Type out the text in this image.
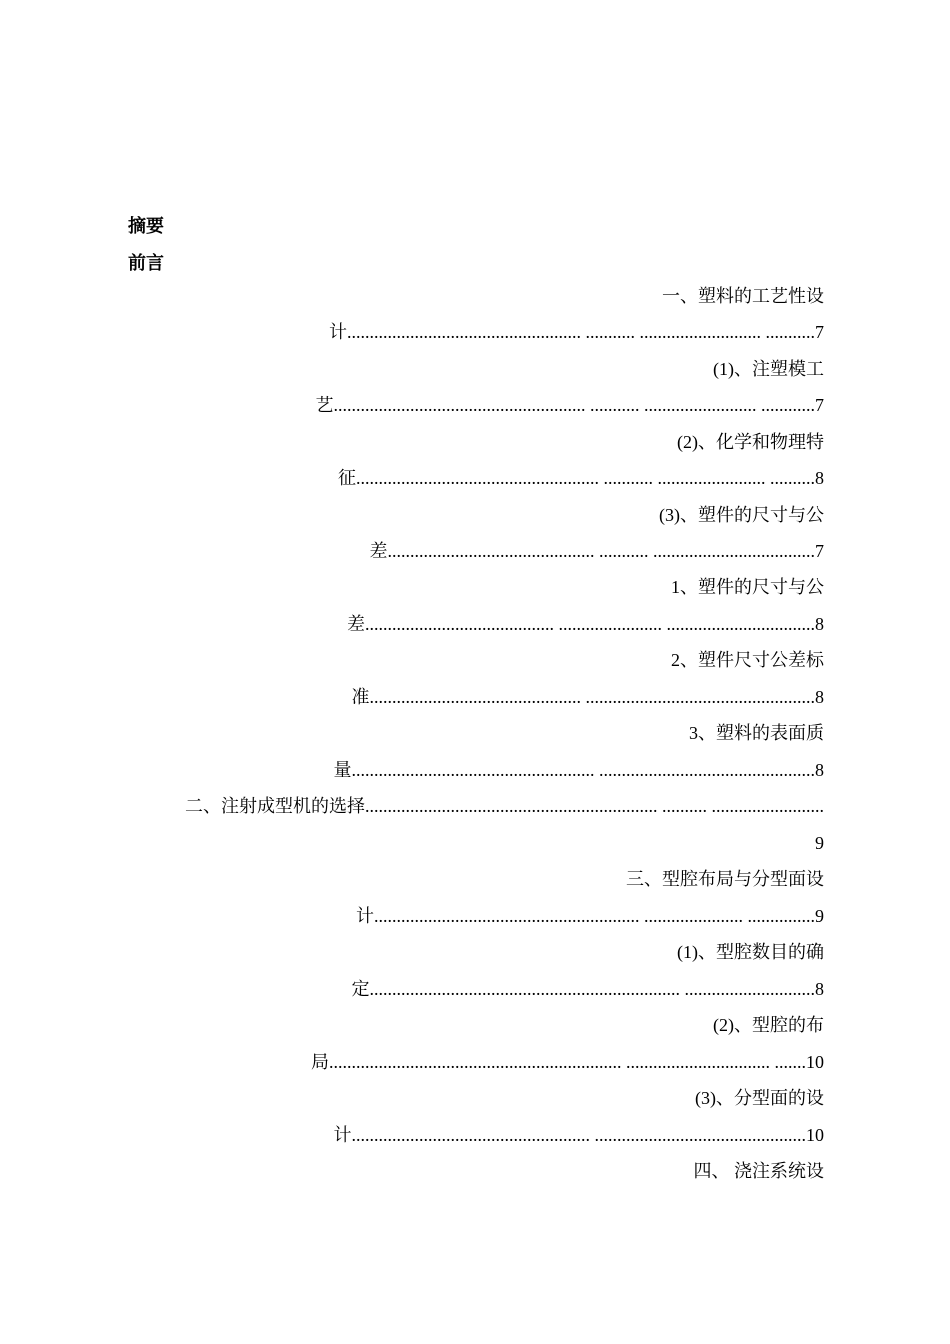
摘要
前言
一、塑料的工艺性设
计.................................................... ........... ........................... ...........7
(1)、注塑模工
艺........................................................ ........... ......................... ............7
(2)、化学和物理特
征...................................................... ........... ........................ ..........8
(3)、塑件的尺寸与公
差.............................................. ........... ....................................7
1、塑件的尺寸与公
差.......................................... ....................... .................................8
2、塑件尺寸公差标
准............................................... ...................................................8
3、塑料的表面质
量...................................................... ................................................8
二、注射成型机的选择................................................................. .......... .........................
9
三、型腔布局与分型面设
计........................................................... ...................... ...............9
(1)、型腔数目的确
定..................................................................... .............................8
(2)、型腔的布
局................................................................. ................................ .......10
(3)、分型面的设
计..................................................... ...............................................10
四、 浇注系统设
